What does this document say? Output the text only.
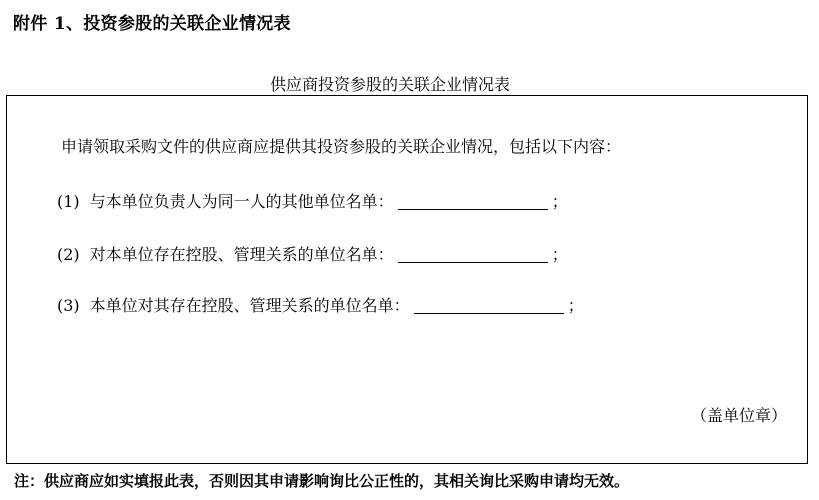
附件 1、投资参股的关联企业情况表
供应商投资参股的关联企业情况表
申请领取采购文件的供应商应提供其投资参股的关联企业情况，包括以下内容：
(1) 与本单位负责人为同一人的其他单位名单：	；
(2) 对本单位存在控股、管理关系的单位名单：	；
(3) 本单位对其存在控股、管理关系的单位名单：	；
（盖单位章）
注：供应商应如实填报此表，否则因其申请影响询比公正性的，其相关询比采购申请均无效。
